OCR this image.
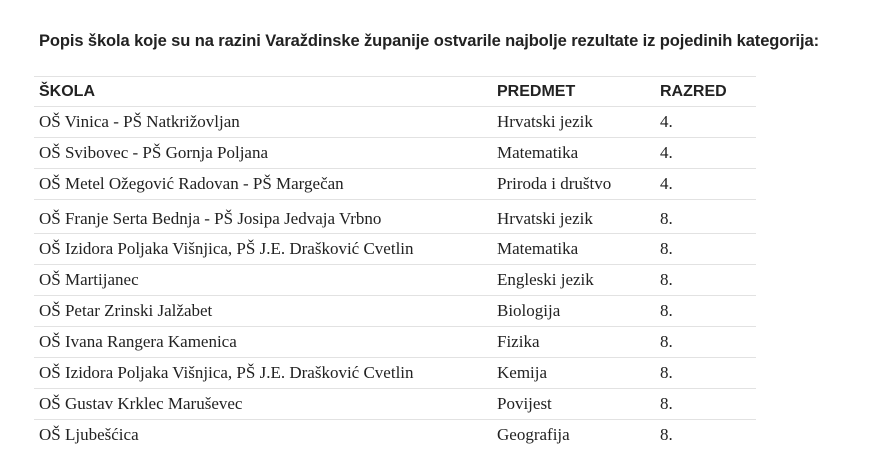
Popis škola koje su na razini Varaždinske županije ostvarile najbolje rezultate iz pojedinih kategorija:

ŠKOLA	PREDMET	RAZRED
OŠ Vinica - PŠ Natkrižovljan	Hrvatski jezik	4.
OŠ Svibovec - PŠ Gornja Poljana	Matematika	4.
OŠ Metel Ožegović Radovan - PŠ Margečan	Priroda i društvo	4.
OŠ Franje Serta Bednja - PŠ Josipa Jedvaja Vrbno	Hrvatski jezik	8.
OŠ Izidora Poljaka Višnjica, PŠ J.E. Drašković Cvetlin	Matematika	8.
OŠ Martijanec	Engleski jezik	8.
OŠ Petar Zrinski Jalžabet	Biologija	8.
OŠ Ivana Rangera Kamenica	Fizika	8.
OŠ Izidora Poljaka Višnjica, PŠ J.E. Drašković Cvetlin	Kemija	8.
OŠ Gustav Krklec Maruševec	Povijest	8.
OŠ Ljubešćica	Geografija	8.
